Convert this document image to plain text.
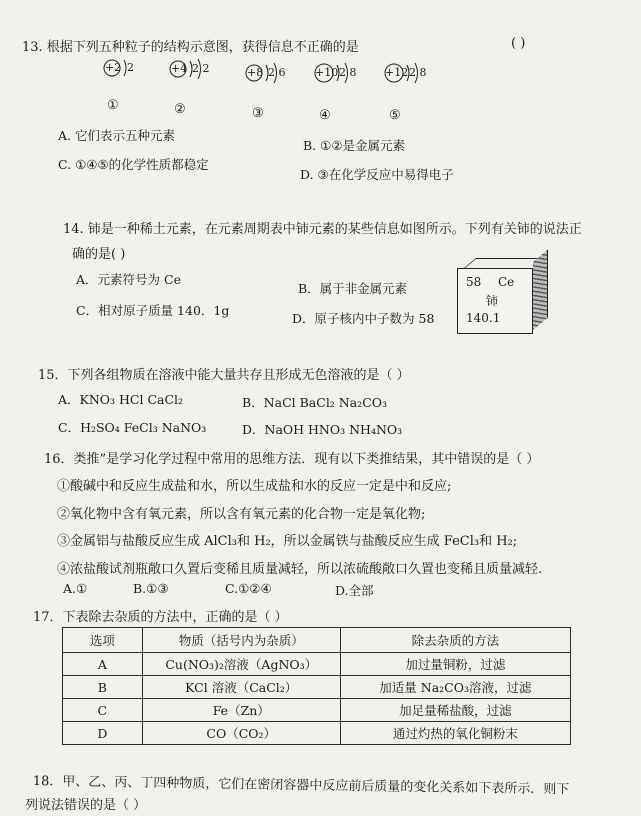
13. 根据下列五种粒子的结构示意图，获得信息不正确的是	( )
+2 2	+4 2 2	+8 2 6	+10 2 8	+12 2 8
①	②	③	④	⑤
A. 它们表示五种元素
B. ①②是金属元素
C. ①④⑤的化学性质都稳定
D. ③在化学反应中易得电子
14. 铈是一种稀土元素，在元素周期表中铈元素的某些信息如图所示。下列有关铈的说法正
确的是( )
A．元素符号为 Ce
B．属于非金属元素
C．相对原子质量 140．1g
D．原子核内中子数为 58
58 Ce
铈
140.1
15．下列各组物质在溶液中能大量共存且形成无色溶液的是（ ）
A．KNO₃ HCl CaCl₂	B．NaCl BaCl₂ Na₂CO₃
C．H₂SO₄ FeCl₃ NaNO₃	D．NaOH HNO₃ NH₄NO₃
16．类推”是学习化学过程中常用的思维方法．现有以下类推结果，其中错误的是（ ）
①酸碱中和反应生成盐和水，所以生成盐和水的反应一定是中和反应;
②氧化物中含有氧元素，所以含有氧元素的化合物一定是氧化物;
③金属铝与盐酸反应生成 AlCl₃和 H₂，所以金属铁与盐酸反应生成 FeCl₃和 H₂;
④浓盐酸试剂瓶敞口久置后变稀且质量减轻，所以浓硫酸敞口久置也变稀且质量减轻.
A.①	B.①③	C.①②④	D.全部
17．下表除去杂质的方法中，正确的是（ ）
选项	物质（括号内为杂质）	除去杂质的方法
A	Cu(NO₃)₂溶液（AgNO₃）	加过量铜粉，过滤
B	KCl 溶液（CaCl₂）	加适量 Na₂CO₃溶液，过滤
C	Fe（Zn）	加足量稀盐酸，过滤
D	CO（CO₂）	通过灼热的氧化铜粉末
18．甲、乙、丙、丁四种物质，它们在密闭容器中反应前后质量的变化关系如下表所示．则下
列说法错误的是（ ）
